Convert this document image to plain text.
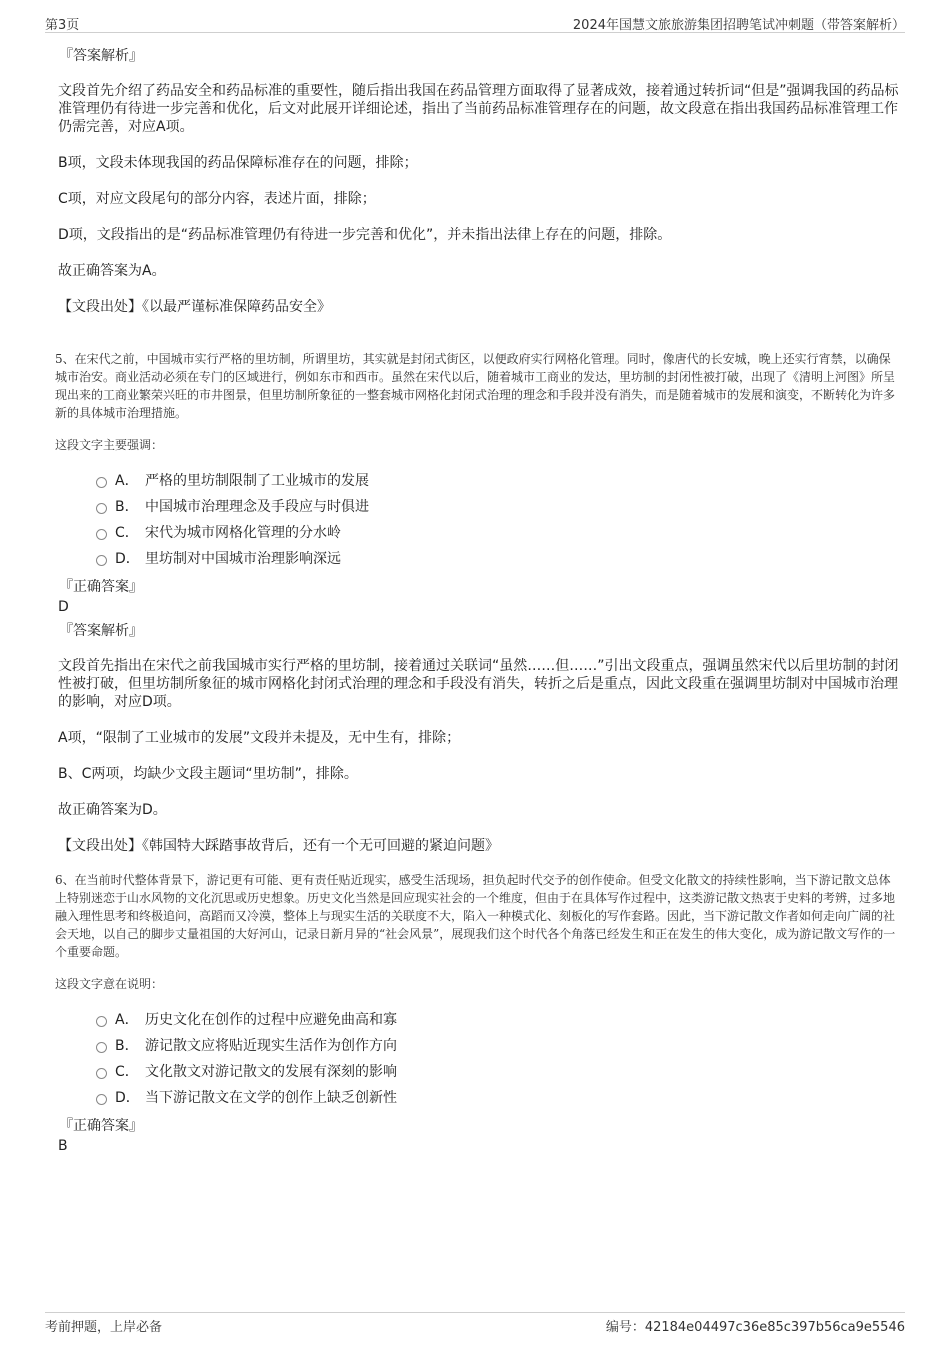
第3页	2024年国慧文旅旅游集团招聘笔试冲刺题（带答案解析）
『答案解析』

文段首先介绍了药品安全和药品标准的重要性，随后指出我国在药品管理方面取得了显著成效，接着通过转折词“但是”强调我国的药品标准管理仍有待进一步完善和优化，后文对此展开详细论述，指出了当前药品标准管理存在的问题，故文段意在指出我国药品标准管理工作仍需完善，对应A项。

B项，文段未体现我国的药品保障标准存在的问题，排除；

C项，对应文段尾句的部分内容，表述片面，排除；

D项，文段指出的是“药品标准管理仍有待进一步完善和优化”，并未指出法律上存在的问题，排除。

故正确答案为A。

【文段出处】《以最严谨标准保障药品安全》

5、在宋代之前，中国城市实行严格的里坊制，所谓里坊，其实就是封闭式街区，以便政府实行网格化管理。同时，像唐代的长安城，晚上还实行宵禁，以确保城市治安。商业活动必须在专门的区域进行，例如东市和西市。虽然在宋代以后，随着城市工商业的发达，里坊制的封闭性被打破，出现了《清明上河图》所呈现出来的工商业繁荣兴旺的市井图景，但里坊制所象征的一整套城市网格化封闭式治理的理念和手段并没有消失，而是随着城市的发展和演变，不断转化为许多新的具体城市治理措施。
这段文字主要强调：
A． 严格的里坊制限制了工业城市的发展
B． 中国城市治理理念及手段应与时俱进
C． 宋代为城市网格化管理的分水岭
D． 里坊制对中国城市治理影响深远
『正确答案』
D
『答案解析』

文段首先指出在宋代之前我国城市实行严格的里坊制，接着通过关联词“虽然……但……”引出文段重点，强调虽然宋代以后里坊制的封闭性被打破，但里坊制所象征的城市网格化封闭式治理的理念和手段没有消失，转折之后是重点，因此文段重在强调里坊制对中国城市治理的影响，对应D项。

A项，“限制了工业城市的发展”文段并未提及，无中生有，排除；

B、C两项，均缺少文段主题词“里坊制”，排除。

故正确答案为D。

【文段出处】《韩国特大踩踏事故背后，还有一个无可回避的紧迫问题》

6、在当前时代整体背景下，游记更有可能、更有责任贴近现实，感受生活现场，担负起时代交予的创作使命。但受文化散文的持续性影响，当下游记散文总体上特别迷恋于山水风物的文化沉思或历史想象。历史文化当然是回应现实社会的一个维度，但由于在具体写作过程中，这类游记散文热衷于史料的考辨，过多地融入理性思考和终极追问，高蹈而又冷漠，整体上与现实生活的关联度不大，陷入一种模式化、刻板化的写作套路。因此，当下游记散文作者如何走向广阔的社会天地，以自己的脚步丈量祖国的大好河山，记录日新月异的“社会风景”，展现我们这个时代各个角落已经发生和正在发生的伟大变化，成为游记散文写作的一个重要命题。
这段文字意在说明：
A． 历史文化在创作的过程中应避免曲高和寡
B． 游记散文应将贴近现实生活作为创作方向
C． 文化散文对游记散文的发展有深刻的影响
D． 当下游记散文在文学的创作上缺乏创新性
『正确答案』
B
考前押题，上岸必备	编号：42184e04497c36e85c397b56ca9e5546
